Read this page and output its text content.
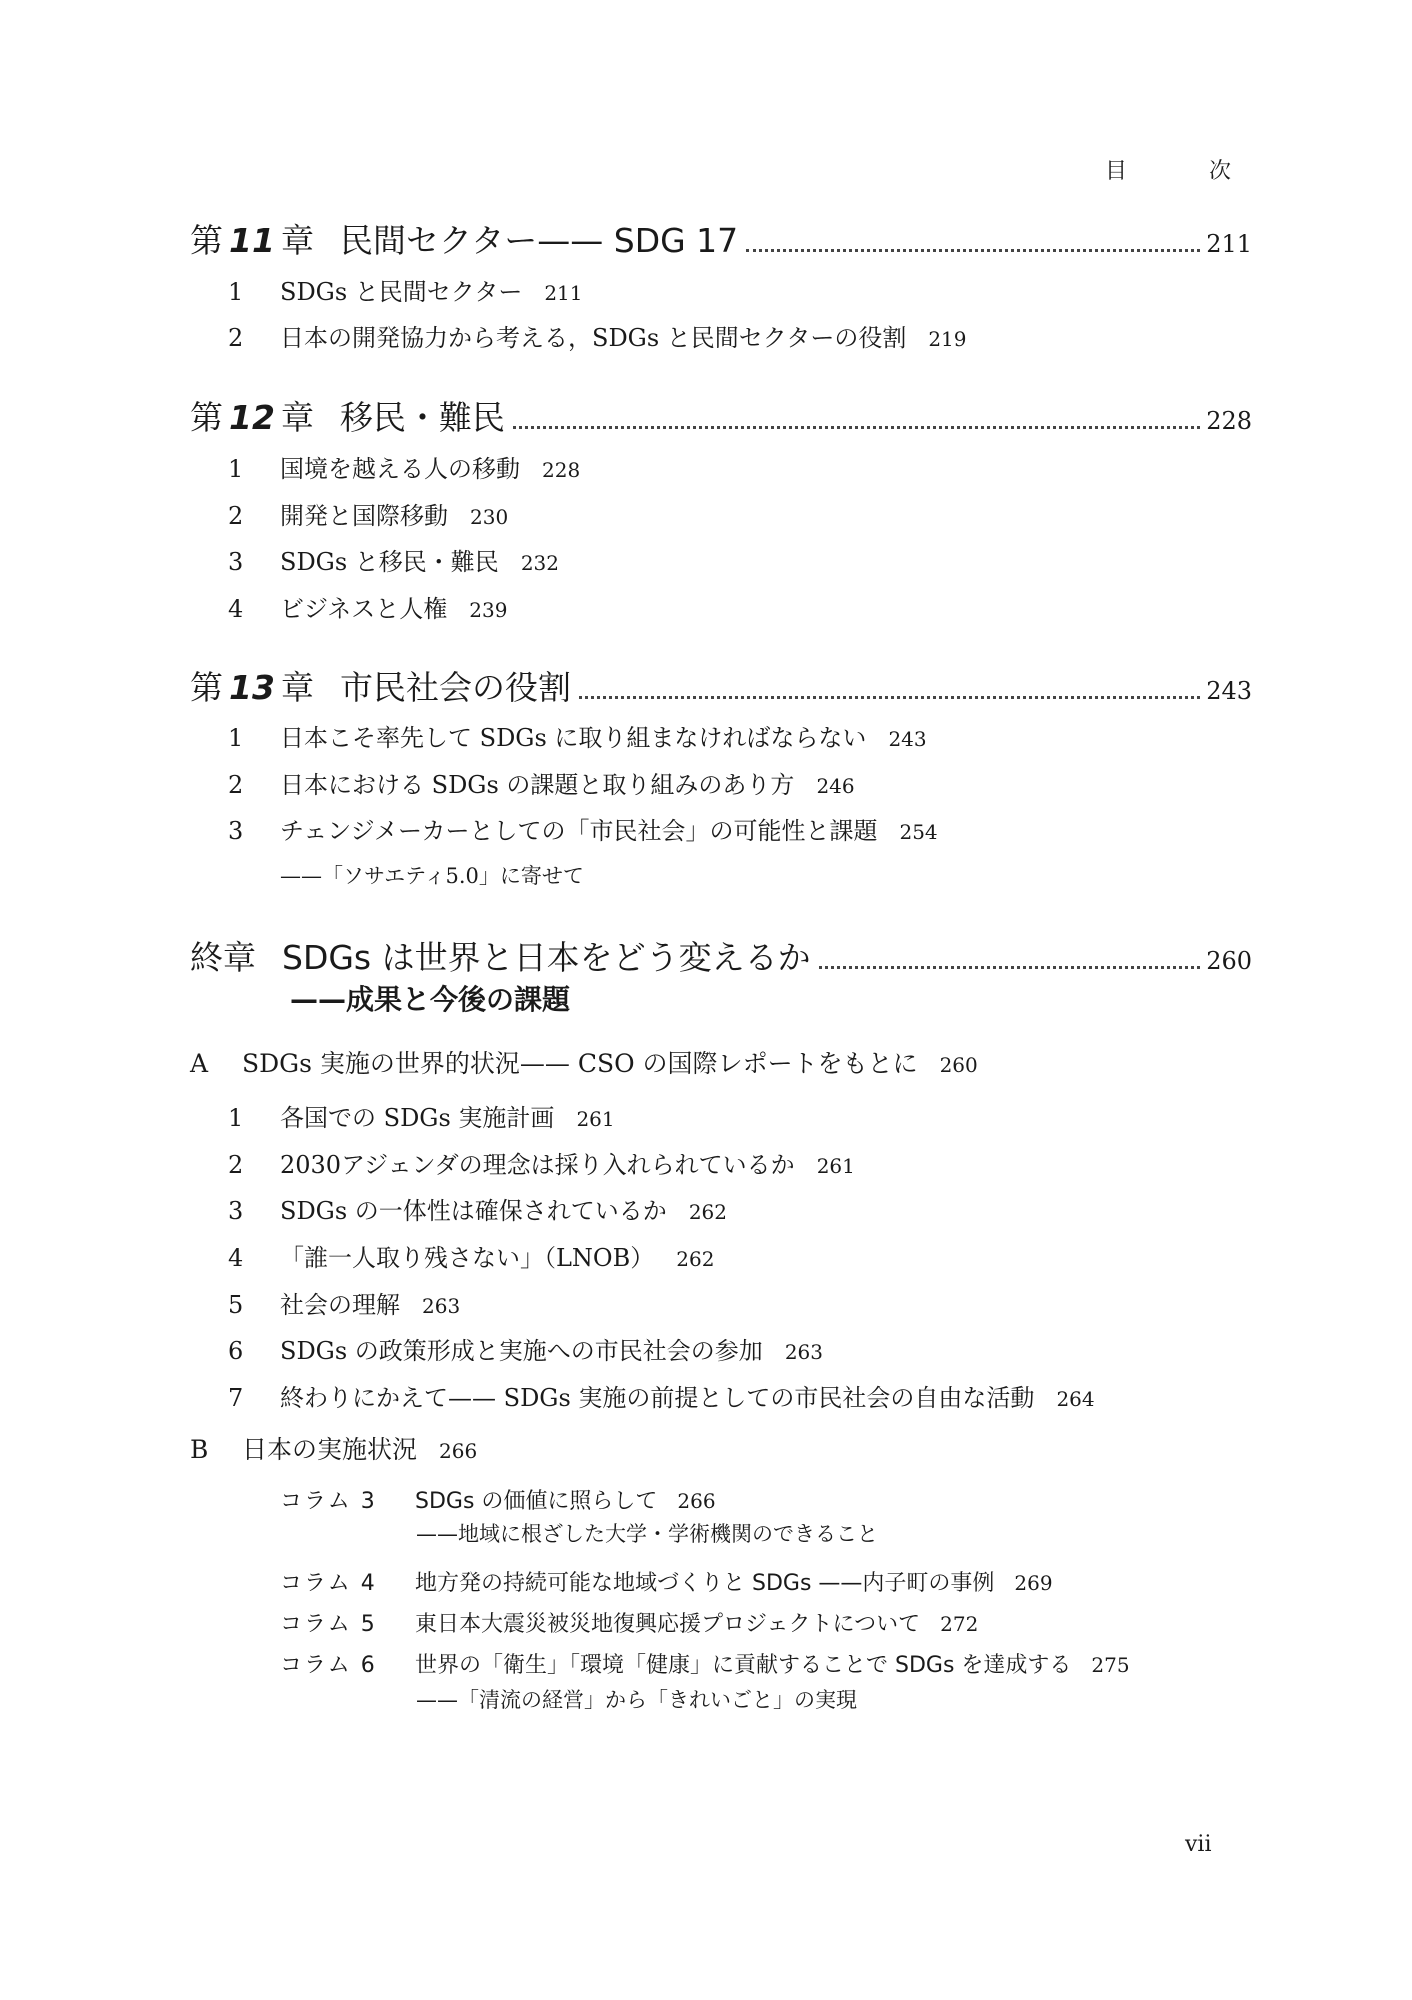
目　次
第 11 章 民間セクター—— SDG 17	211
1 SDGs と民間セクター 211
2 日本の開発協力から考える，SDGs と民間セクターの役割 219
第 12 章 移民・難民	228
1 国境を越える人の移動 228
2 開発と国際移動 230
3 SDGs と移民・難民 232
4 ビジネスと人権 239
第 13 章 市民社会の役割	243
1 日本こそ率先して SDGs に取り組まなければならない 243
2 日本における SDGs の課題と取り組みのあり方 246
3 チェンジメーカーとしての「市民社会」の可能性と課題 254
——「ソサエティ5.0」に寄せて
終章 SDGs は世界と日本をどう変えるか	260
——成果と今後の課題
A SDGs 実施の世界的状況—— CSO の国際レポートをもとに 260
1 各国での SDGs 実施計画 261
2 2030アジェンダの理念は採り入れられているか 261
3 SDGs の一体性は確保されているか 262
4 「誰一人取り残さない」（LNOB） 262
5 社会の理解 263
6 SDGs の政策形成と実施への市民社会の参加 263
7 終わりにかえて—— SDGs 実施の前提としての市民社会の自由な活動 264
B 日本の実施状況 266
コラム 3 SDGs の価値に照らして 266
——地域に根ざした大学・学術機関のできること
コラム 4 地方発の持続可能な地域づくりと SDGs ——内子町の事例 269
コラム 5 東日本大震災被災地復興応援プロジェクトについて 272
コラム 6 世界の「衛生」「環境「健康」に貢献することで SDGs を達成する 275
——「清流の経営」から「きれいごと」の実現
vii
